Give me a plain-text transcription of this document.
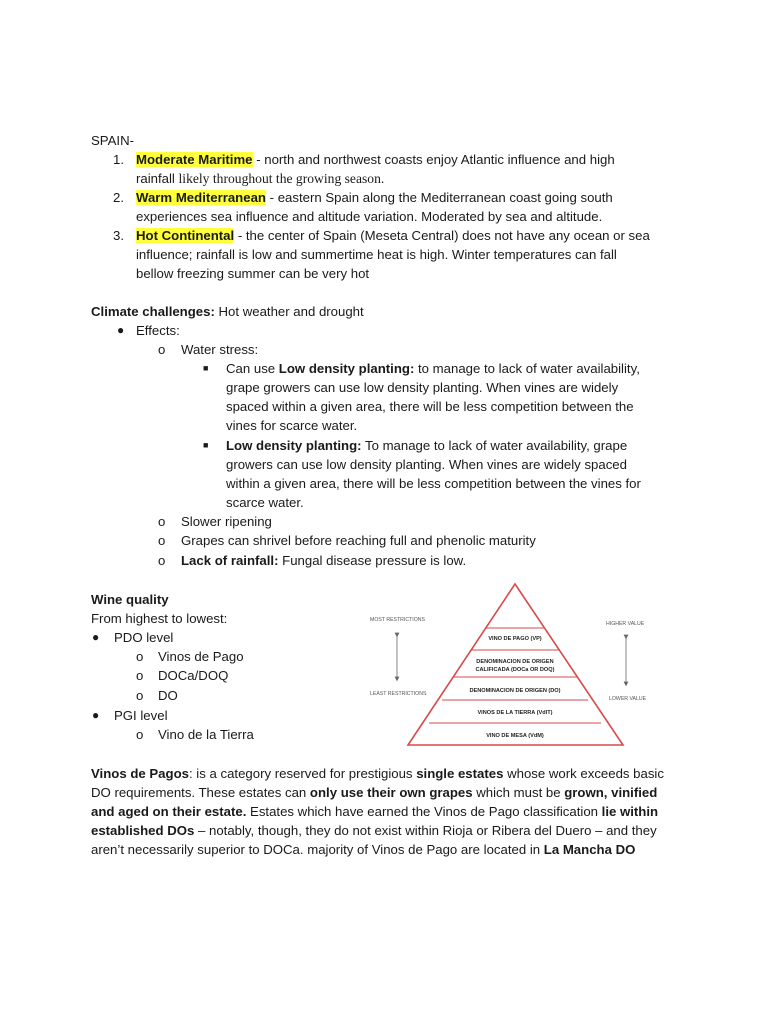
SPAIN-
1. Moderate Maritime - north and northwest coasts enjoy Atlantic influence and high
rainfall likely throughout the growing season.
2. Warm Mediterranean - eastern Spain along the Mediterranean coast going south
experiences sea influence and altitude variation. Moderated by sea and altitude.
3. Hot Continental - the center of Spain (Meseta Central) does not have any ocean or sea
influence; rainfall is low and summertime heat is high. Winter temperatures can fall
bellow freezing summer can be very hot
Climate challenges: Hot weather and drought
● Effects:
o Water stress:
■ Can use Low density planting: to manage to lack of water availability,
grape growers can use low density planting. When vines are widely
spaced within a given area, there will be less competition between the
vines for scarce water.
■ Low density planting: To manage to lack of water availability, grape
growers can use low density planting. When vines are widely spaced
within a given area, there will be less competition between the vines for
scarce water.
o Slower ripening
o Grapes can shrivel before reaching full and phenolic maturity
o Lack of rainfall: Fungal disease pressure is low.
Wine quality
From highest to lowest:
● PDO level
o Vinos de Pago
o DOCa/DOQ
o DO
● PGI level
o Vino de la Tierra
VINO DE PAGO (VP)
DENOMINACION DE ORIGEN
CALIFICADA (DOCa OR DOQ)
DENOMINACION DE ORIGEN (DO)
VINOS DE LA TIERRA (VdlT)
VINO DE MESA (VdM)
MOST RESTRICTIONS
LEAST RESTRICTIONS
HIGHER VALUE
LOWER VALUE
Vinos de Pagos: is a category reserved for prestigious single estates whose work exceeds basic
DO requirements. These estates can only use their own grapes which must be grown, vinified
and aged on their estate. Estates which have earned the Vinos de Pago classification lie within
established DOs – notably, though, they do not exist within Rioja or Ribera del Duero – and they
aren’t necessarily superior to DOCa. majority of Vinos de Pago are located in La Mancha DO
